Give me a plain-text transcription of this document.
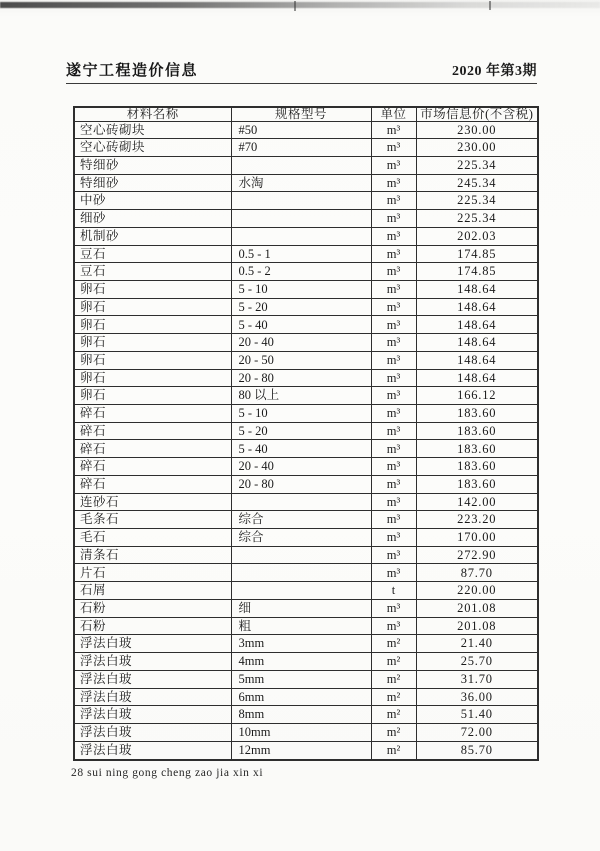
遂宁工程造价信息	2020 年第3期
材料名称	规格型号	单位	市场信息价(不含税)
空心砖砌块	#50	m³	230.00
空心砖砌块	#70	m³	230.00
特细砂		m³	225.34
特细砂	水淘	m³	245.34
中砂		m³	225.34
细砂		m³	225.34
机制砂		m³	202.03
豆石	0.5 - 1	m³	174.85
豆石	0.5 - 2	m³	174.85
卵石	5 - 10	m³	148.64
卵石	5 - 20	m³	148.64
卵石	5 - 40	m³	148.64
卵石	20 - 40	m³	148.64
卵石	20 - 50	m³	148.64
卵石	20 - 80	m³	148.64
卵石	80 以上	m³	166.12
碎石	5 - 10	m³	183.60
碎石	5 - 20	m³	183.60
碎石	5 - 40	m³	183.60
碎石	20 - 40	m³	183.60
碎石	20 - 80	m³	183.60
连砂石		m³	142.00
毛条石	综合	m³	223.20
毛石	综合	m³	170.00
清条石		m³	272.90
片石		m³	87.70
石屑		t	220.00
石粉	细	m³	201.08
石粉	粗	m³	201.08
浮法白玻	3mm	m²	21.40
浮法白玻	4mm	m²	25.70
浮法白玻	5mm	m²	31.70
浮法白玻	6mm	m²	36.00
浮法白玻	8mm	m²	51.40
浮法白玻	10mm	m²	72.00
浮法白玻	12mm	m²	85.70
28 sui ning gong cheng zao jia xin xi
